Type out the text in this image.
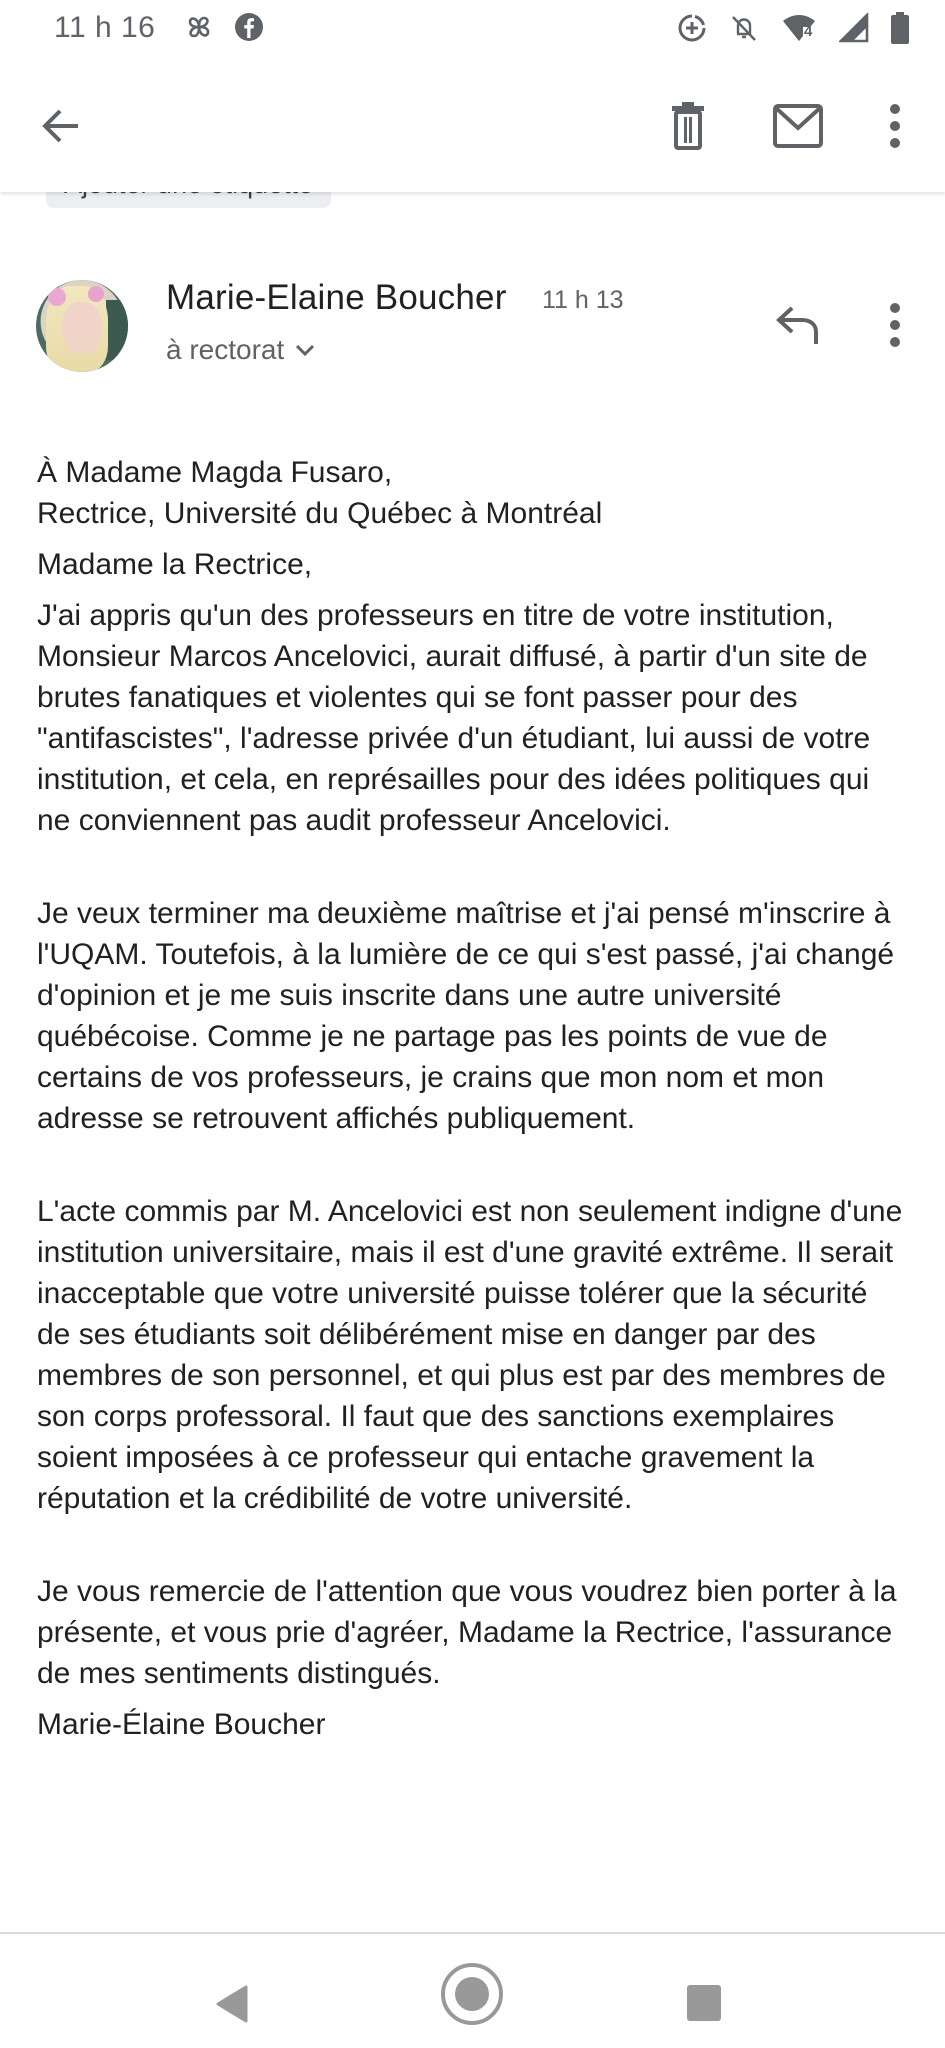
11 h 16	4
Marie-Elaine Boucher 11 h 13
à rectorat

À Madame Magda Fusaro,

Rectrice, Université du Québec à Montréal

Madame la Rectrice,

J'ai appris qu'un des professeurs en titre de votre institution, Monsieur Marcos Ancelovici, aurait diffusé, à partir d'un site de brutes fanatiques et violentes qui se font passer pour des "antifascistes", l'adresse privée d'un étudiant, lui aussi de votre institution, et cela, en représailles pour des idées politiques qui ne conviennent pas audit professeur Ancelovici.

Je veux terminer ma deuxième maîtrise et j'ai pensé m'inscrire à l'UQAM. Toutefois, à la lumière de ce qui s'est passé, j'ai changé d'opinion et je me suis inscrite dans une autre université québécoise. Comme je ne partage pas les points de vue de certains de vos professeurs, je crains que mon nom et mon adresse se retrouvent affichés publiquement.

L'acte commis par M. Ancelovici est non seulement indigne d'une institution universitaire, mais il est d'une gravité extrême. Il serait inacceptable que votre université puisse tolérer que la sécurité de ses étudiants soit délibérément mise en danger par des membres de son personnel, et qui plus est par des membres de son corps professoral. Il faut que des sanctions exemplaires soient imposées à ce professeur qui entache gravement la réputation et la crédibilité de votre université.

Je vous remercie de l'attention que vous voudrez bien porter à la présente, et vous prie d'agréer, Madame la Rectrice, l'assurance de mes sentiments distingués.

Marie-Élaine Boucher
